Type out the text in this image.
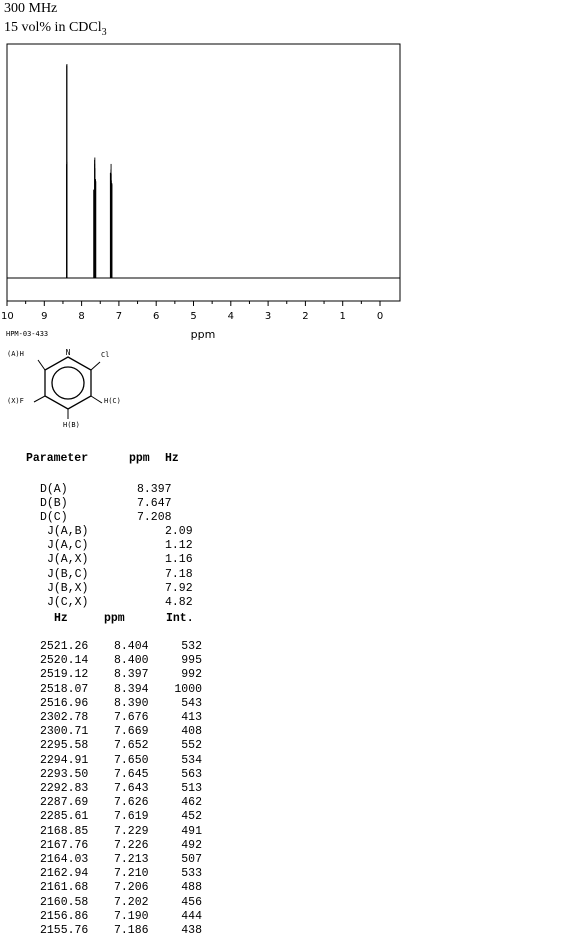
300 MHz
15 vol% in CDCl$_3$
10	9	8	7	6	5	4	3	2	1	0
ppm
HPM-03-433
N	Cl
(A)H
H(C)
(X)F
H(B)
Parameter	ppm Hz
D(A)	8.397
D(B)	7.647
D(C)	7.208
J(A,B)	2.09
J(A,C)	1.12
J(A,X)	1.16
J(B,C)	7.18
J(B,X)	7.92
J(C,X)	4.82
Hz	ppm	Int.
2521.26 8.404	532
2520.14 8.400	995
2519.12 8.397	992
2518.07 8.394 1000
2516.96 8.390	543
2302.78 7.676	413
2300.71 7.669	408
2295.58 7.652	552
2294.91 7.650	534
2293.50 7.645	563
2292.83 7.643	513
2287.69 7.626	462
2285.61 7.619	452
2168.85 7.229	491
2167.76 7.226	492
2164.03 7.213	507
2162.94 7.210	533
2161.68 7.206	488
2160.58 7.202	456
2156.86 7.190	444
2155.76 7.186	438
